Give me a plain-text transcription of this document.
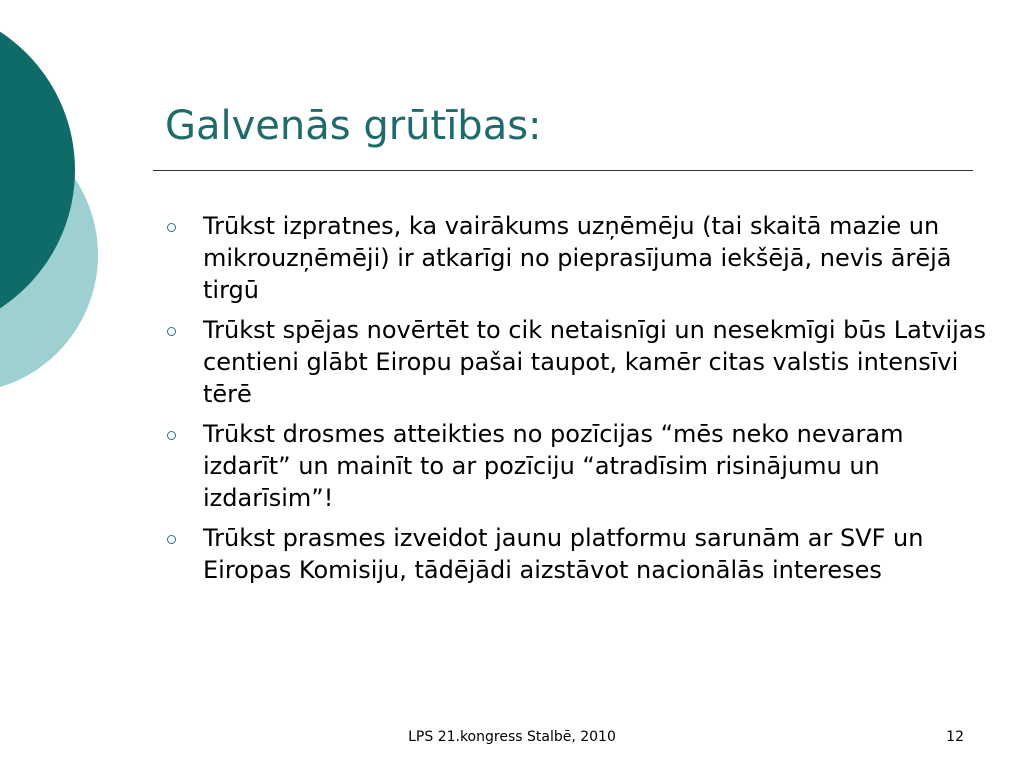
Galvenās grūtības:
Trūkst izpratnes, ka vairākums uzņēmēju (tai skaitā mazie un mikrouzņēmēji) ir atkarīgi no pieprasījuma iekšējā, nevis ārējā tirgū
Trūkst spējas novērtēt to cik netaisnīgi un nesekmīgi būs Latvijas centieni glābt Eiropu pašai taupot, kamēr citas valstis intensīvi tērē
Trūkst drosmes atteikties no pozīcijas “mēs neko nevaram izdarīt” un mainīt to ar pozīciju “atradīsim risinājumu un izdarīsim”!
Trūkst prasmes izveidot jaunu platformu sarunām ar SVF un Eiropas Komisiju, tādējādi aizstāvot nacionālās intereses
LPS 21.kongress Stalbē, 2010	12
